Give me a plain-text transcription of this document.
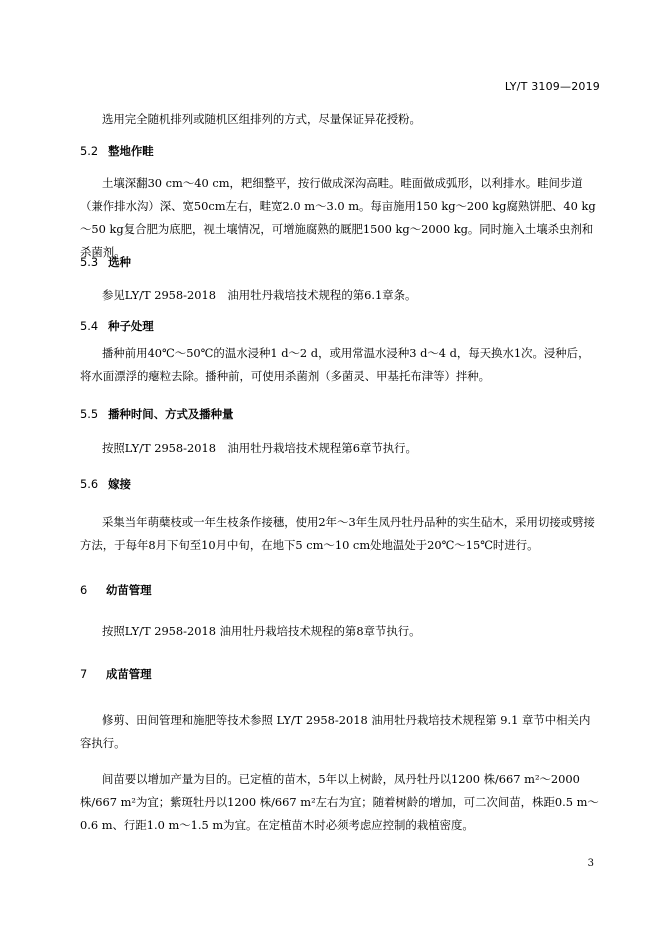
LY/T 3109—2019
选用完全随机排列或随机区组排列的方式，尽量保证异花授粉。
5.2 整地作畦
土壤深翻30 cm～40 cm，耙细整平，按行做成深沟高畦。畦面做成弧形，以利排水。畦间步道（兼作排水沟）深、宽50cm左右，畦宽2.0 m～3.0 m。每亩施用150 kg～200 kg腐熟饼肥、40 kg～50 kg复合肥为底肥，视土壤情况，可增施腐熟的厩肥1500 kg～2000 kg。同时施入土壤杀虫剂和杀菌剂。
5.3 选种
参见LY/T 2958-2018　油用牡丹栽培技术规程的第6.1章条。
5.4 种子处理
播种前用40℃～50℃的温水浸种1 d～2 d，或用常温水浸种3 d～4 d，每天换水1次。浸种后，将水面漂浮的瘪粒去除。播种前，可使用杀菌剂（多菌灵、甲基托布津等）拌种。
5.5 播种时间、方式及播种量
按照LY/T 2958-2018　油用牡丹栽培技术规程第6章节执行。
5.6 嫁接
采集当年萌蘖枝或一年生枝条作接穗，使用2年～3年生凤丹牡丹品种的实生砧木，采用切接或劈接方法，于每年8月下旬至10月中旬，在地下5 cm～10 cm处地温处于20℃～15℃时进行。
6	幼苗管理
按照LY/T 2958-2018 油用牡丹栽培技术规程的第8章节执行。
7	成苗管理
修剪、田间管理和施肥等技术参照 LY/T 2958-2018 油用牡丹栽培技术规程第 9.1 章节中相关内容执行。
间苗要以增加产量为目的。已定植的苗木，5年以上树龄，凤丹牡丹以1200 株/667 m²～2000 株/667 m²为宜；紫斑牡丹以1200 株/667 m²左右为宜；随着树龄的增加，可二次间苗，株距0.5 m～0.6 m、行距1.0 m～1.5 m为宜。在定植苗木时必须考虑应控制的栽植密度。
3
